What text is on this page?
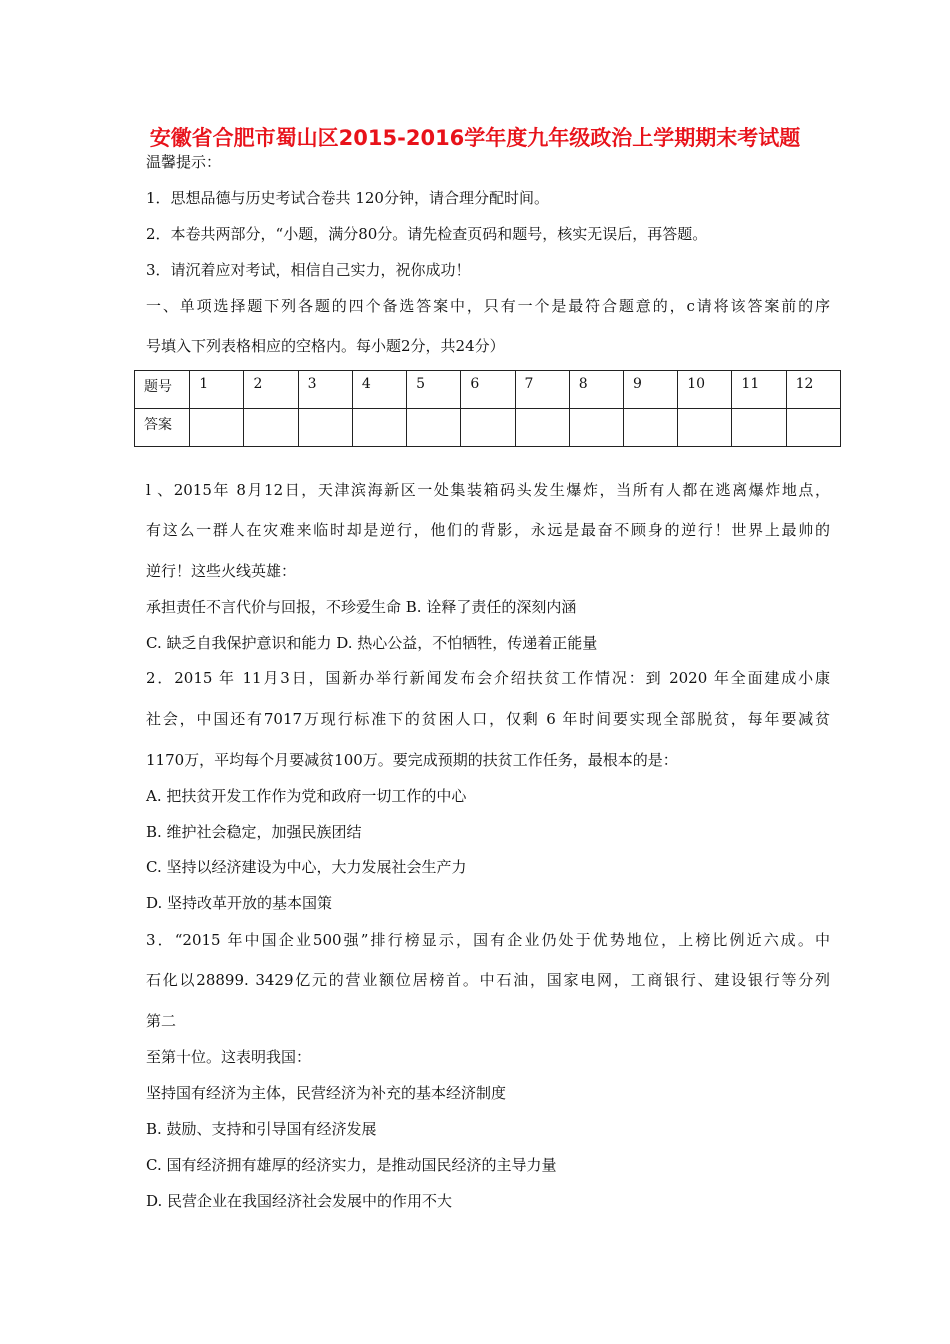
安徽省合肥市蜀山区2015-2016学年度九年级政治上学期期末考试题
温馨提示：
1．思想品德与历史考试合卷共 120分钟，请合理分配时间。
2．本卷共两部分，“小题，满分80分。请先检查页码和题号，核实无误后，再答题。
3．请沉着应对考试，相信自己实力，祝你成功！
一、单项选择题下列各题的四个备选答案中，只有一个是最符合题意的，c请将该答案前的序
号填入下列表格相应的空格内。每小题2分，共24分）
题号	1	2	3	4	5	6	7	8	9	10	11	12
答案												
l 、2015年 8月12日，天津滨海新区一处集装箱码头发生爆炸，当所有人都在逃离爆炸地点，
有这么一群人在灾难来临时却是逆行，他们的背影，永远是最奋不顾身的逆行！世界上最帅的
逆行！这些火线英雄：
承担责任不言代价与回报，不珍爱生命 B. 诠释了责任的深刻内涵
C. 缺乏自我保护意识和能力 D. 热心公益，不怕牺牲，传递着正能量
2．2015 年 11月3日，国新办举行新闻发布会介绍扶贫工作情况：到 2020 年全面建成小康
社会，中国还有7017万现行标准下的贫困人口，仅剩 6 年时间要实现全部脱贫，每年要减贫
1170万，平均每个月要减贫100万。要完成预期的扶贫工作任务，最根本的是：
A. 把扶贫开发工作作为党和政府一切工作的中心
B. 维护社会稳定，加强民族团结
C. 坚持以经济建设为中心，大力发展社会生产力
D. 坚持改革开放的基本国策
3．“2015 年中国企业500强”排行榜显示，国有企业仍处于优势地位，上榜比例近六成。中
石化以28899. 3429亿元的营业额位居榜首。中石油，国家电网，工商银行、建设银行等分列
第二
至第十位。这表明我国：
坚持国有经济为主体，民营经济为补充的基本经济制度
B. 鼓励、支持和引导国有经济发展
C. 国有经济拥有雄厚的经济实力，是推动国民经济的主导力量
D. 民营企业在我国经济社会发展中的作用不大
